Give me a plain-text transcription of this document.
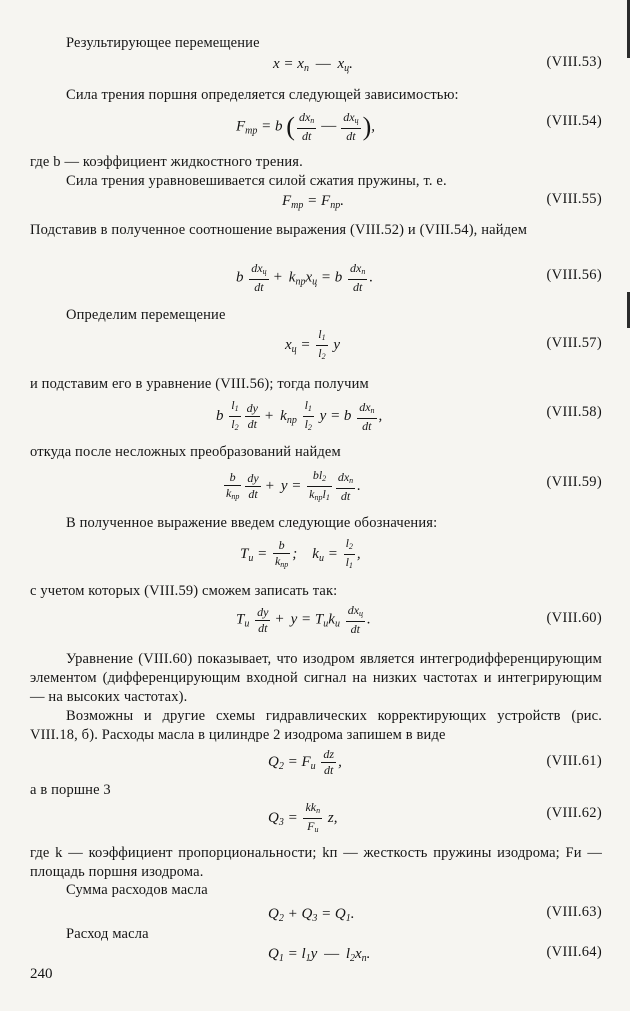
Результирующее перемещение
$x = x_п$ — $x_ц$.	(VIII.53)
Сила трения поршня определяется следующей зависимостью:
$F_{тр} = b$ ( $\frac{dx_п}{dt}$ — $\frac{dx_ц}{dt}$ ),	(VIII.54)
где b — коэффициент жидкостного трения.
Сила трения уравновешивается силой сжатия пружины, т. е.
$F_{тр} = F_{пр}$.	(VIII.55)
Подставив в полученное соотношение выражения (VIII.52) и (VIII.54), найдем
b $\frac{dx_ц}{dt} + k_{пр}x_ц = b \frac{dx_п}{dt}$ .	(VIII.56)
Определим перемещение
$x_ц = \frac{l_1}{l_2}$ y	(VIII.57)
и подставим его в уравнение (VIII.56); тогда получим
b $\frac{l_1}{l_2} \frac{dy}{dt} + k_{пр} \frac{l_1}{l_2}$ y = b $\frac{dx_п}{dt}$ ,	(VIII.58)
откуда после несложных преобразований найдем
$\frac{b}{k_{пр}} \frac{dy}{dt} + y = \frac{bl_2}{k_{пр}l_1} \frac{dx_п}{dt}$ .	(VIII.59)
В полученное выражение введем следующие обозначения:
$T_и = \frac{b}{k_{пр}}$ ;    $k_и = \frac{l_2}{l_1}$ ,
с учетом которых (VIII.59) сможем записать так:
$T_и \frac{dy}{dt} + y = T_иk_и \frac{dx_ц}{dt}$ .	(VIII.60)
Уравнение (VIII.60) показывает, что изодром является интегродифференцирующим элементом (дифференцирующим входной сигнал на низких частотах и интегрирующим — на высоких частотах).
Возможны и другие схемы гидравлических корректирующих устройств (рис. VIII.18, б). Расходы масла в цилиндре 2 изодрома запишем в виде
$Q_2 = F_и \frac{dz}{dt}$ ,	(VIII.61)
а в поршне 3
$Q_3 = \frac{kk_п}{F_и} z$,	(VIII.62)
где k — коэффициент пропорциональности; kп — жесткость пружины изодрома; Fи — площадь поршня изодрома.
Сумма расходов масла
$Q_2 + Q_3 = Q_1$.	(VIII.63)
Расход масла
$Q_1 = l_1y$ — $l_2x_п$.	(VIII.64)
240
